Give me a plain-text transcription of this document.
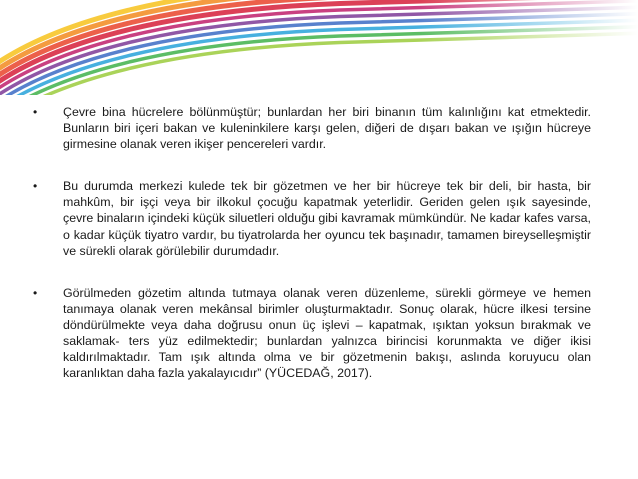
• Çevre bina hücrelere bölünmüştür; bunlardan her biri binanın tüm kalınlığını kat etmektedir. Bunların biri içeri bakan ve kuleninkilere karşı gelen, diğeri de dışarı bakan ve ışığın hücreye girmesine olanak veren ikişer pencereleri vardır.
• Bu durumda merkezi kulede tek bir gözetmen ve her bir hücreye tek bir deli, bir hasta, bir mahkûm, bir işçi veya bir ilkokul çocuğu kapatmak yeterlidir. Geriden gelen ışık sayesinde, çevre binaların içindeki küçük siluetleri olduğu gibi kavramak mümkündür. Ne kadar kafes varsa, o kadar küçük tiyatro vardır, bu tiyatrolarda her oyuncu tek başınadır, tamamen bireyselleşmiştir ve sürekli olarak görülebilir durumdadır.
• Görülmeden gözetim altında tutmaya olanak veren düzenleme, sürekli görmeye ve hemen tanımaya olanak veren mekânsal birimler oluşturmaktadır. Sonuç olarak, hücre ilkesi tersine döndürülmekte veya daha doğrusu onun üç işlevi – kapatmak, ışıktan yoksun bırakmak ve saklamak- ters yüz edilmektedir; bunlardan yalnızca birincisi korunmakta ve diğer ikisi kaldırılmaktadır. Tam ışık altında olma ve bir gözetmenin bakışı, aslında koruyucu olan karanlıktan daha fazla yakalayıcıdır” (YÜCEDAĞ, 2017).
